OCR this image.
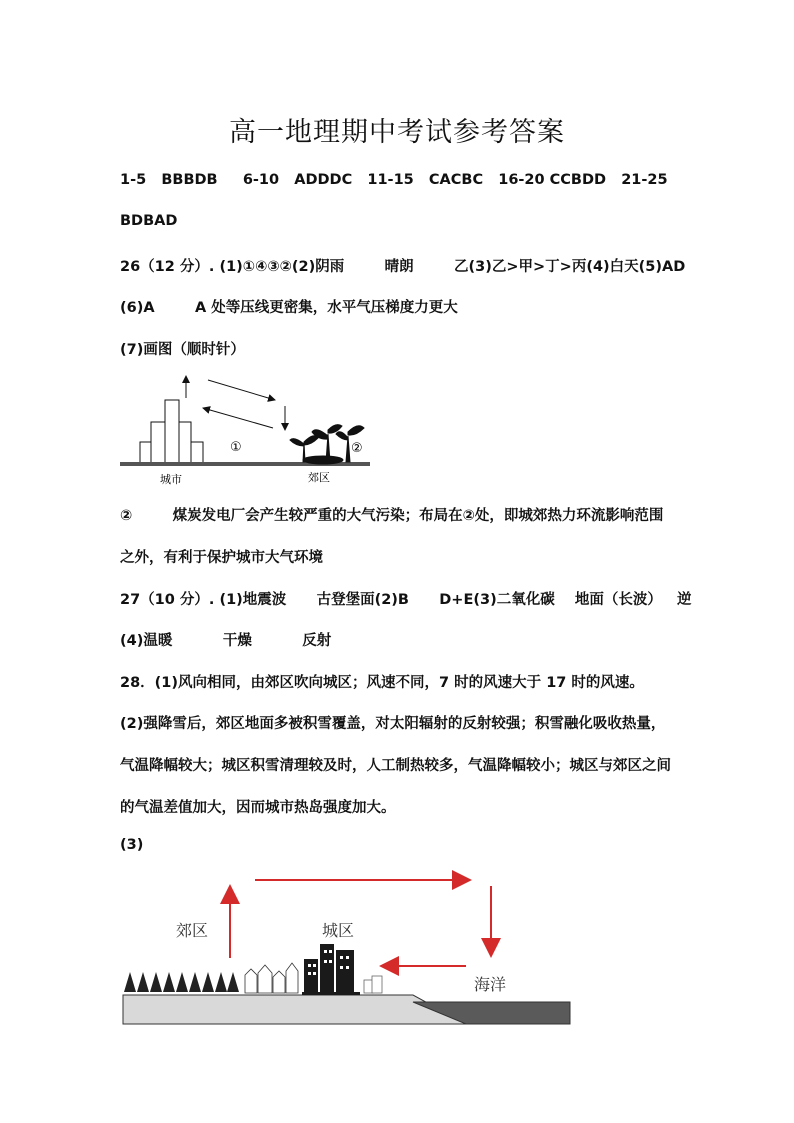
高一地理期中考试参考答案
1-5   BBBDB     6-10   ADDDC   11-15   CACBC   16-20 CCBDD   21-25
BDBAD
26（12 分）. (1)①④③②(2)阴雨        晴朗        乙(3)乙>甲>丁>丙(4)白天(5)AD
(6)A        A 处等压线更密集，水平气压梯度力更大
(7)画图（顺时针）
①	②
城市	郊区
②        煤炭发电厂会产生较严重的大气污染；布局在②处，即城郊热力环流影响范围
之外，有利于保护城市大气环境
27（10 分）. (1)地震波      古登堡面(2)B      D+E(3)二氧化碳    地面（长波）   逆
(4)温暖          干燥          反射
28．(1)风向相同，由郊区吹向城区；风速不同，7 时的风速大于 17 时的风速。
(2)强降雪后，郊区地面多被积雪覆盖，对太阳辐射的反射较强；积雪融化吸收热量，
气温降幅较大；城区积雪清理较及时，人工制热较多，气温降幅较小；城区与郊区之间
的气温差值加大，因而城市热岛强度加大。
(3)
郊区	城区
海洋
